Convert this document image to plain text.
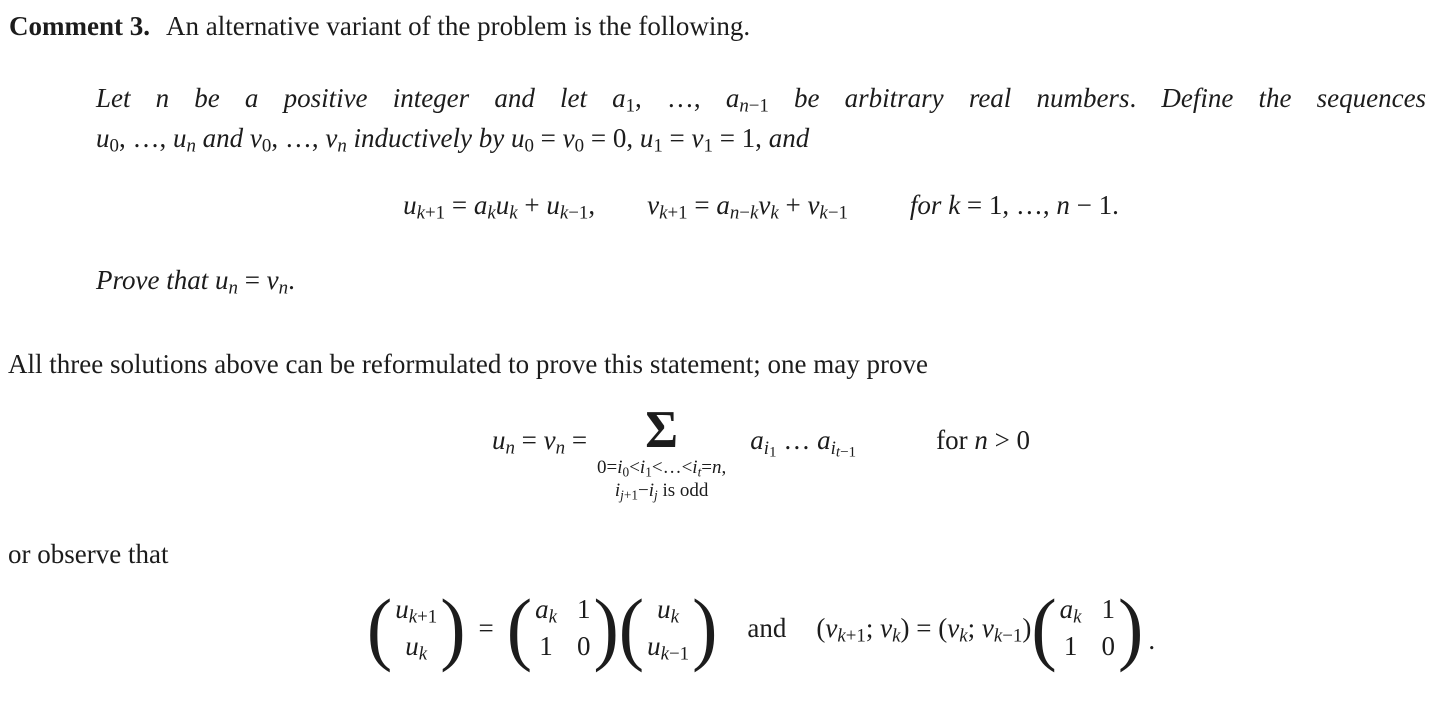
Comment 3. An alternative variant of the problem is the following.

Let n be a positive integer and let $a_1$, …, $a_{n-1}$ be arbitrary real numbers. Define the sequences
$u_0$, …, $u_n$ and $v_0$, …, $v_n$ inductively by $u_0 = v_0 = 0$, $u_1 = v_1 = 1$, and
$u_{k+1} = a_ku_k + u_{k-1}$, $v_{k+1} = a_{n-k}v_k + v_{k-1}$ for k = 1, …, n − 1.
Prove that $u_n = v_n$.

All three solutions above can be reformulated to prove this statement; one may prove

$u_n = v_n = \Sigma$
$0=i_0<i_1<\dots<i_t=n$,
$i_{j+1}-i_j$ is odd
$a_{i_1}$ … $a_{i_{t-1}}$	for n > 0

or observe that

( $u_{k+1}$
$u_k$ ) = ( $a_k$ 1
1 0 ) ( $u_k$
$u_{k-1}$ ) and ($v_{k+1}$; $v_k) = (v_k$; $v_{k-1}$) ( $a_k$ 1
1 0 ) .
